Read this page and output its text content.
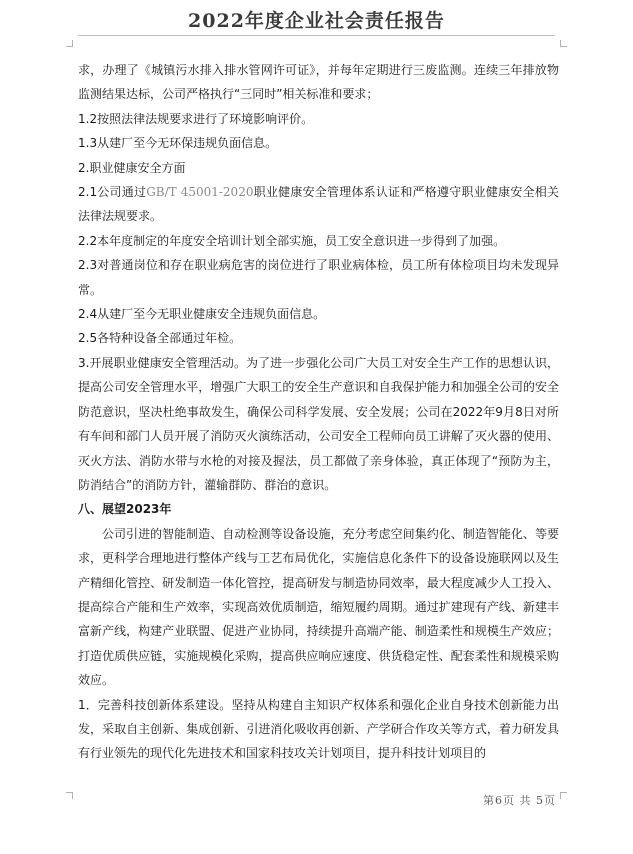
2022年度企业社会责任报告

求，办理了《城镇污水排入排水管网许可证》，并每年定期进行三废监测。连续三年排放物监测结果达标，公司严格执行“三同时”相关标准和要求；

1.2按照法律法规要求进行了环境影响评价。

1.3从建厂至今无环保违规负面信息。

2.职业健康安全方面

2.1公司通过GB/T 45001-2020职业健康安全管理体系认证和严格遵守职业健康安全相关法律法规要求。

2.2本年度制定的年度安全培训计划全部实施，员工安全意识进一步得到了加强。

2.3对普通岗位和存在职业病危害的岗位进行了职业病体检，员工所有体检项目均未发现异常。

2.4从建厂至今无职业健康安全违规负面信息。

2.5各特种设备全部通过年检。

3.开展职业健康安全管理活动。为了进一步强化公司广大员工对安全生产工作的思想认识，提高公司安全管理水平，增强广大职工的安全生产意识和自我保护能力和加强全公司的安全防范意识，坚决杜绝事故发生，确保公司科学发展、安全发展；公司在2022年9月8日对所有车间和部门人员开展了消防灭火演练活动，公司安全工程师向员工讲解了灭火器的使用、灭火方法、消防水带与水枪的对接及握法，员工都做了亲身体验，真正体现了“预防为主，防消结合”的消防方针，灌输群防、群治的意识。

八、展望2023年

公司引进的智能制造、自动检测等设备设施，充分考虑空间集约化、制造智能化、等要求，更科学合理地进行整体产线与工艺布局优化，实施信息化条件下的设备设施联网以及生产精细化管控、研发制造一体化管控，提高研发与制造协同效率，最大程度减少人工投入、提高综合产能和生产效率，实现高效优质制造，缩短履约周期。通过扩建现有产线、新建丰富新产线，构建产业联盟、促进产业协同，持续提升高端产能、制造柔性和规模生产效应；打造优质供应链，实施规模化采购，提高供应响应速度、供货稳定性、配套柔性和规模采购效应。

1．完善科技创新体系建设。坚持从构建自主知识产权体系和强化企业自身技术创新能力出发，采取自主创新、集成创新、引进消化吸收再创新、产学研合作攻关等方式，着力研发具有行业领先的现代化先进技术和国家科技攻关计划项目，提升科技计划项目的

第6页 共 5页
